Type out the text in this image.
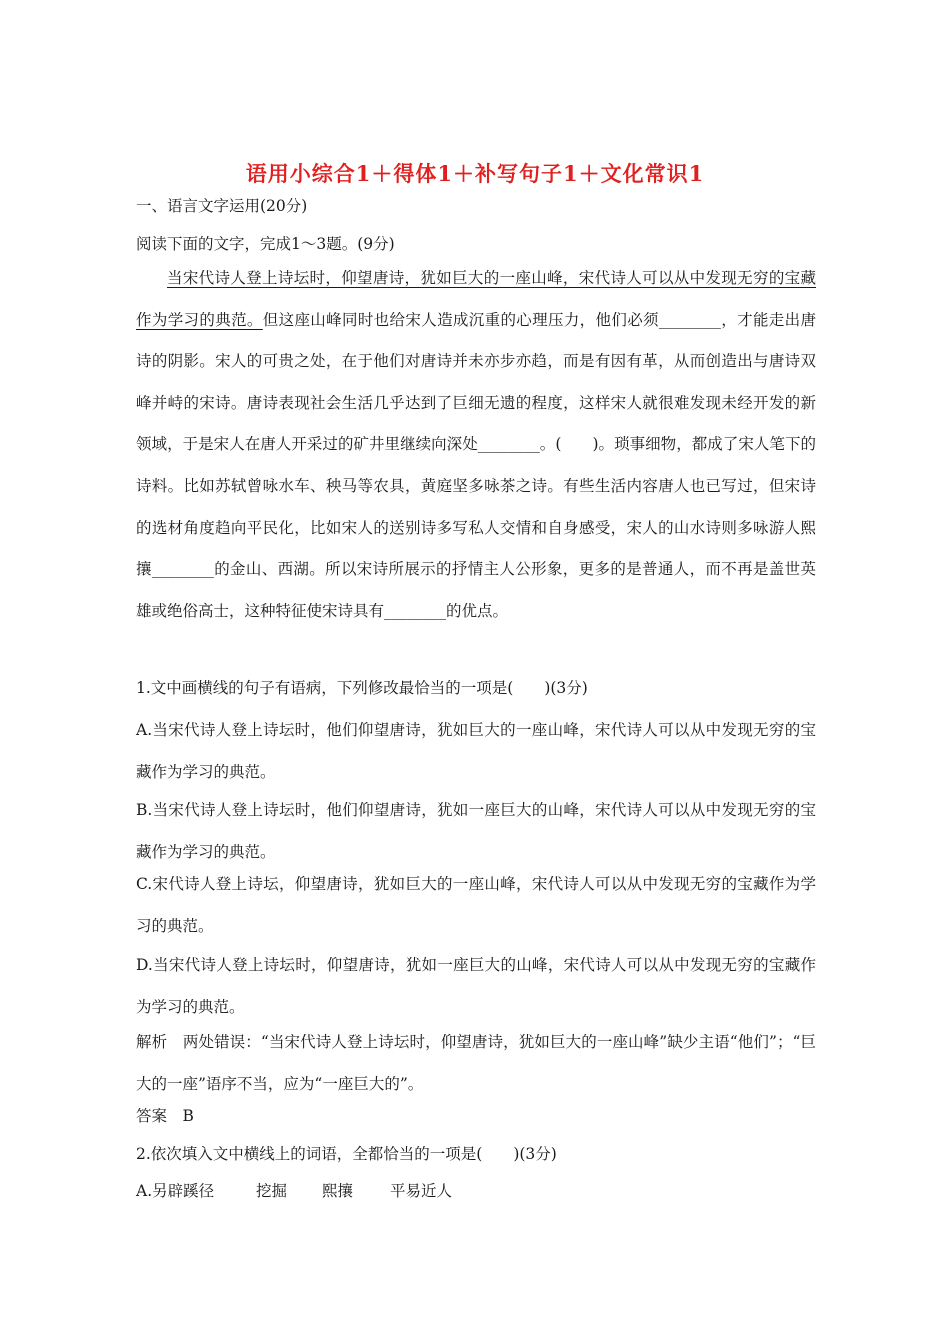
语用小综合1＋得体1＋补写句子1＋文化常识1
一、语言文字运用(20分)
阅读下面的文字，完成1～3题。(9分)
当宋代诗人登上诗坛时，仰望唐诗，犹如巨大的一座山峰，宋代诗人可以从中发现无穷的宝藏作为学习的典范。但这座山峰同时也给宋人造成沉重的心理压力，他们必须________，才能走出唐诗的阴影。宋人的可贵之处，在于他们对唐诗并未亦步亦趋，而是有因有革，从而创造出与唐诗双峰并峙的宋诗。唐诗表现社会生活几乎达到了巨细无遗的程度，这样宋人就很难发现未经开发的新领域，于是宋人在唐人开采过的矿井里继续向深处________。(　　)。琐事细物，都成了宋人笔下的诗料。比如苏轼曾咏水车、秧马等农具，黄庭坚多咏茶之诗。有些生活内容唐人也已写过，但宋诗的选材角度趋向平民化，比如宋人的送别诗多写私人交情和自身感受，宋人的山水诗则多咏游人熙攘________的金山、西湖。所以宋诗所展示的抒情主人公形象，更多的是普通人，而不再是盖世英雄或绝俗高士，这种特征使宋诗具有________的优点。
1.文中画横线的句子有语病，下列修改最恰当的一项是(　　)(3分)
A.当宋代诗人登上诗坛时，他们仰望唐诗，犹如巨大的一座山峰，宋代诗人可以从中发现无穷的宝藏作为学习的典范。
B.当宋代诗人登上诗坛时，他们仰望唐诗，犹如一座巨大的山峰，宋代诗人可以从中发现无穷的宝藏作为学习的典范。
C.宋代诗人登上诗坛，仰望唐诗，犹如巨大的一座山峰，宋代诗人可以从中发现无穷的宝藏作为学习的典范。
D.当宋代诗人登上诗坛时，仰望唐诗，犹如一座巨大的山峰，宋代诗人可以从中发现无穷的宝藏作为学习的典范。
解析　两处错误：“当宋代诗人登上诗坛时，仰望唐诗，犹如巨大的一座山峰”缺少主语“他们”；“巨大的一座”语序不当，应为“一座巨大的”。
答案　B
2.依次填入文中横线上的词语，全都恰当的一项是(　　)(3分)
A.另辟蹊径	挖掘 熙攘 平易近人
